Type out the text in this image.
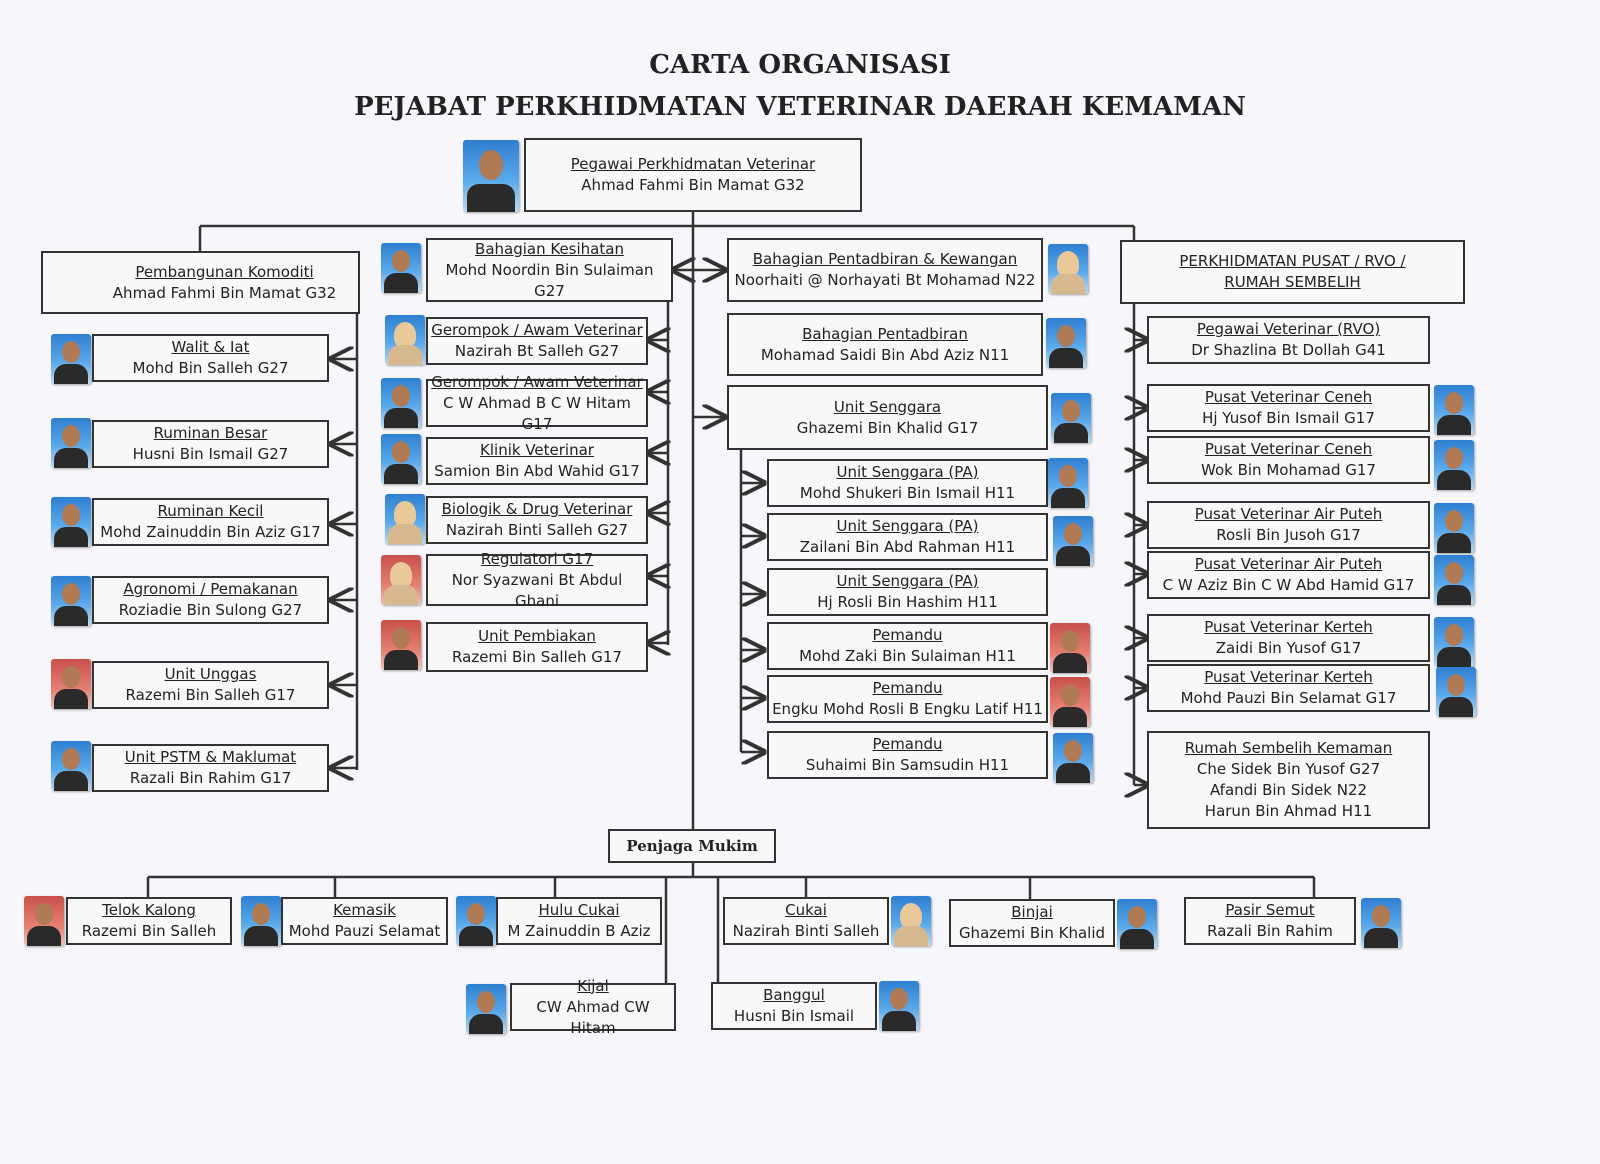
CARTA ORGANISASI
PEJABAT PERKHIDMATAN VETERINAR DAERAH KEMAMAN
Pegawai Perkhidmatan Veterinar
Ahmad Fahmi Bin Mamat G32
Pembangunan Komoditi
Ahmad Fahmi Bin Mamat G32
Walit & Iat
Mohd Bin Salleh G27
Ruminan Besar
Husni Bin Ismail G27
Ruminan Kecil
Mohd Zainuddin Bin Aziz G17
Agronomi / Pemakanan
Roziadie Bin Sulong G27
Unit Unggas
Razemi Bin Salleh G17
Unit PSTM & Maklumat
Razali Bin Rahim G17
Bahagian Kesihatan
Mohd Noordin Bin Sulaiman G27
Gerompok / Awam Veterinar
Nazirah Bt Salleh G27
Gerompok / Awam Veterinar
C W Ahmad B C W Hitam G17
Klinik Veterinar
Samion Bin Abd Wahid G17
Biologik & Drug Veterinar
Nazirah Binti Salleh G27
Regulatori G17
Nor Syazwani Bt Abdul Ghani
Unit Pembiakan
Razemi Bin Salleh G17
Bahagian Pentadbiran & Kewangan
Noorhaiti @ Norhayati Bt Mohamad N22
Bahagian Pentadbiran
Mohamad Saidi Bin Abd Aziz N11
Unit Senggara
Ghazemi Bin Khalid G17
Unit Senggara (PA)
Mohd Shukeri Bin Ismail H11
Unit Senggara (PA)
Zailani Bin Abd Rahman H11
Unit Senggara (PA)
Hj Rosli Bin Hashim H11
Pemandu
Mohd Zaki Bin Sulaiman H11
Pemandu
Engku Mohd Rosli B Engku Latif H11
Pemandu
Suhaimi Bin Samsudin H11
PERKHIDMATAN PUSAT / RVO /
RUMAH SEMBELIH
Pegawai Veterinar (RVO)
Dr Shazlina Bt Dollah G41
Pusat Veterinar Ceneh
Hj Yusof Bin Ismail G17
Pusat Veterinar Ceneh
Wok Bin Mohamad G17
Pusat Veterinar Air Puteh
Rosli Bin Jusoh G17
Pusat Veterinar Air Puteh
C W Aziz Bin C W Abd Hamid G17
Pusat Veterinar Kerteh
Zaidi Bin Yusof G17
Pusat Veterinar Kerteh
Mohd Pauzi Bin Selamat G17
Rumah Sembelih Kemaman
Che Sidek Bin Yusof G27
Afandi Bin Sidek N22
Harun Bin Ahmad H11
Penjaga Mukim
Telok Kalong
Razemi Bin Salleh
Kemasik
Mohd Pauzi Selamat
Hulu Cukai
M Zainuddin B Aziz
Cukai
Nazirah Binti Salleh
Binjai
Ghazemi Bin Khalid
Pasir Semut
Razali Bin Rahim
Kijal
CW Ahmad CW Hitam
Banggul
Husni Bin Ismail
